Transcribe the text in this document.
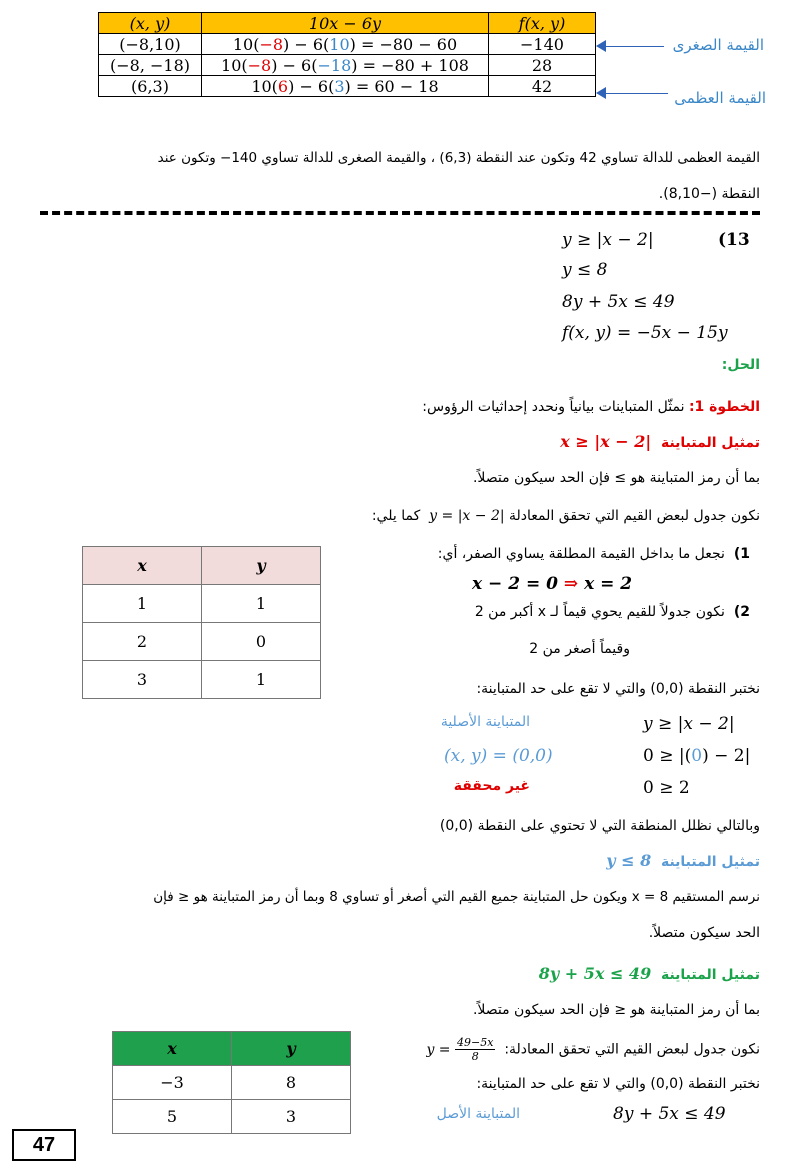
(x, y)	10x − 6y	f(x, y)
(−8,10)	10(−8) − 6(10) = −80 − 60	−140
(−8, −18)	10(−8) − 6(−18) = −80 + 108	28
(6,3)	10(6) − 6(3) = 60 − 18	42
القيمة الصغرى
القيمة العظمى
القيمة العظمى للدالة تساوي 42 وتكون عند النقطة (6,3) ، والقيمة الصغرى للدالة تساوي 140− وتكون عند
النقطة (−8,10).
(13
y ≥ |x − 2|
y ≤ 8
8y + 5x ≤ 49
f(x, y) = −5x − 15y
الحل:
الخطوة 1: نمثّل المتباينات بيانياً ونحدد إحداثيات الرؤوس:
تمثيل المتباينة  x ≥ |x − 2|
بما أن رمز المتباينة هو ≥ فإن الحد سيكون متصلاً.
نكون جدول لبعض القيم التي تحقق المعادلة y = |x − 2|  كما يلي:
x	y
1	1
2	0
3	1
1)  نجعل ما بداخل القيمة المطلقة يساوي الصفر، أي:
x − 2 = 0 ⇒ x = 2
2)  نكون جدولاً للقيم يحوي قيماً لـ x أكبر من 2
وقيماً أصغر من 2
نختبر النقطة (0,0) والتي لا تقع على حد المتباينة:
المتباينة الأصلية	y ≥ |x − 2|
(x, y) = (0,0)	0 ≥ |(0) − 2|
غير محققة	0 ≥ 2
وبالتالي نظلل المنطقة التي لا تحتوي على النقطة (0,0)
تمثيل المتباينة  y ≤ 8
نرسم المستقيم x = 8 ويكون حل المتباينة جميع القيم التي أصغر أو تساوي 8 وبما أن رمز المتباينة هو ≤ فإن
الحد سيكون متصلاً.
تمثيل المتباينة  8y + 5x ≤ 49
بما أن رمز المتباينة هو ≤ فإن الحد سيكون متصلاً.
نكون جدول لبعض القيم التي تحقق المعادلة:  $y = \frac{49-5x}{8}$
نختبر النقطة (0,0) والتي لا تقع على حد المتباينة:
المتباينة الأصل	8y + 5x ≤ 49
x	y
−3	8
5	3
47
